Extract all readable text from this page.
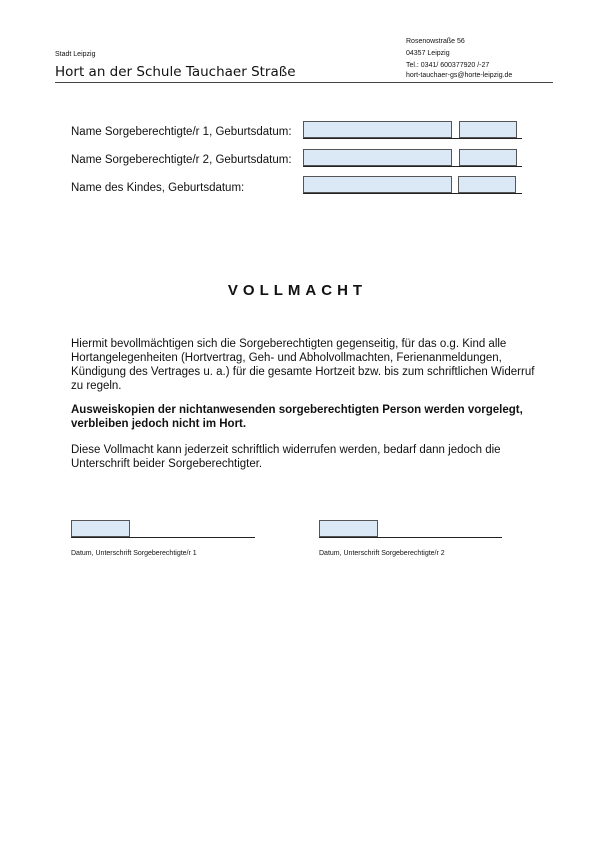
Stadt Leipzig
Hort an der Schule Tauchaer Straße
Rosenowstraße 56
04357 Leipzig
Tel.: 0341/ 600377920 /-27
hort-tauchaer-gs@horte-leipzig.de
Name Sorgeberechtigte/r 1, Geburtsdatum:
Name Sorgeberechtigte/r 2, Geburtsdatum:
Name des Kindes, Geburtsdatum:
VOLLMACHT
Hiermit bevollmächtigen sich die Sorgeberechtigten gegenseitig, für das o.g. Kind alle Hortangelegenheiten (Hortvertrag, Geh- und Abholvollmachten, Ferienanmeldungen, Kündigung des Vertrages u. a.) für die gesamte Hortzeit bzw. bis zum schriftlichen Widerruf zu regeln.
Ausweiskopien der nichtanwesenden sorgeberechtigten Person werden vorgelegt, verbleiben jedoch nicht im Hort.
Diese Vollmacht kann jederzeit schriftlich widerrufen werden, bedarf dann jedoch die Unterschrift beider Sorgeberechtigter.
Datum, Unterschrift Sorgeberechtigte/r 1	Datum, Unterschrift Sorgeberechtigte/r 2
